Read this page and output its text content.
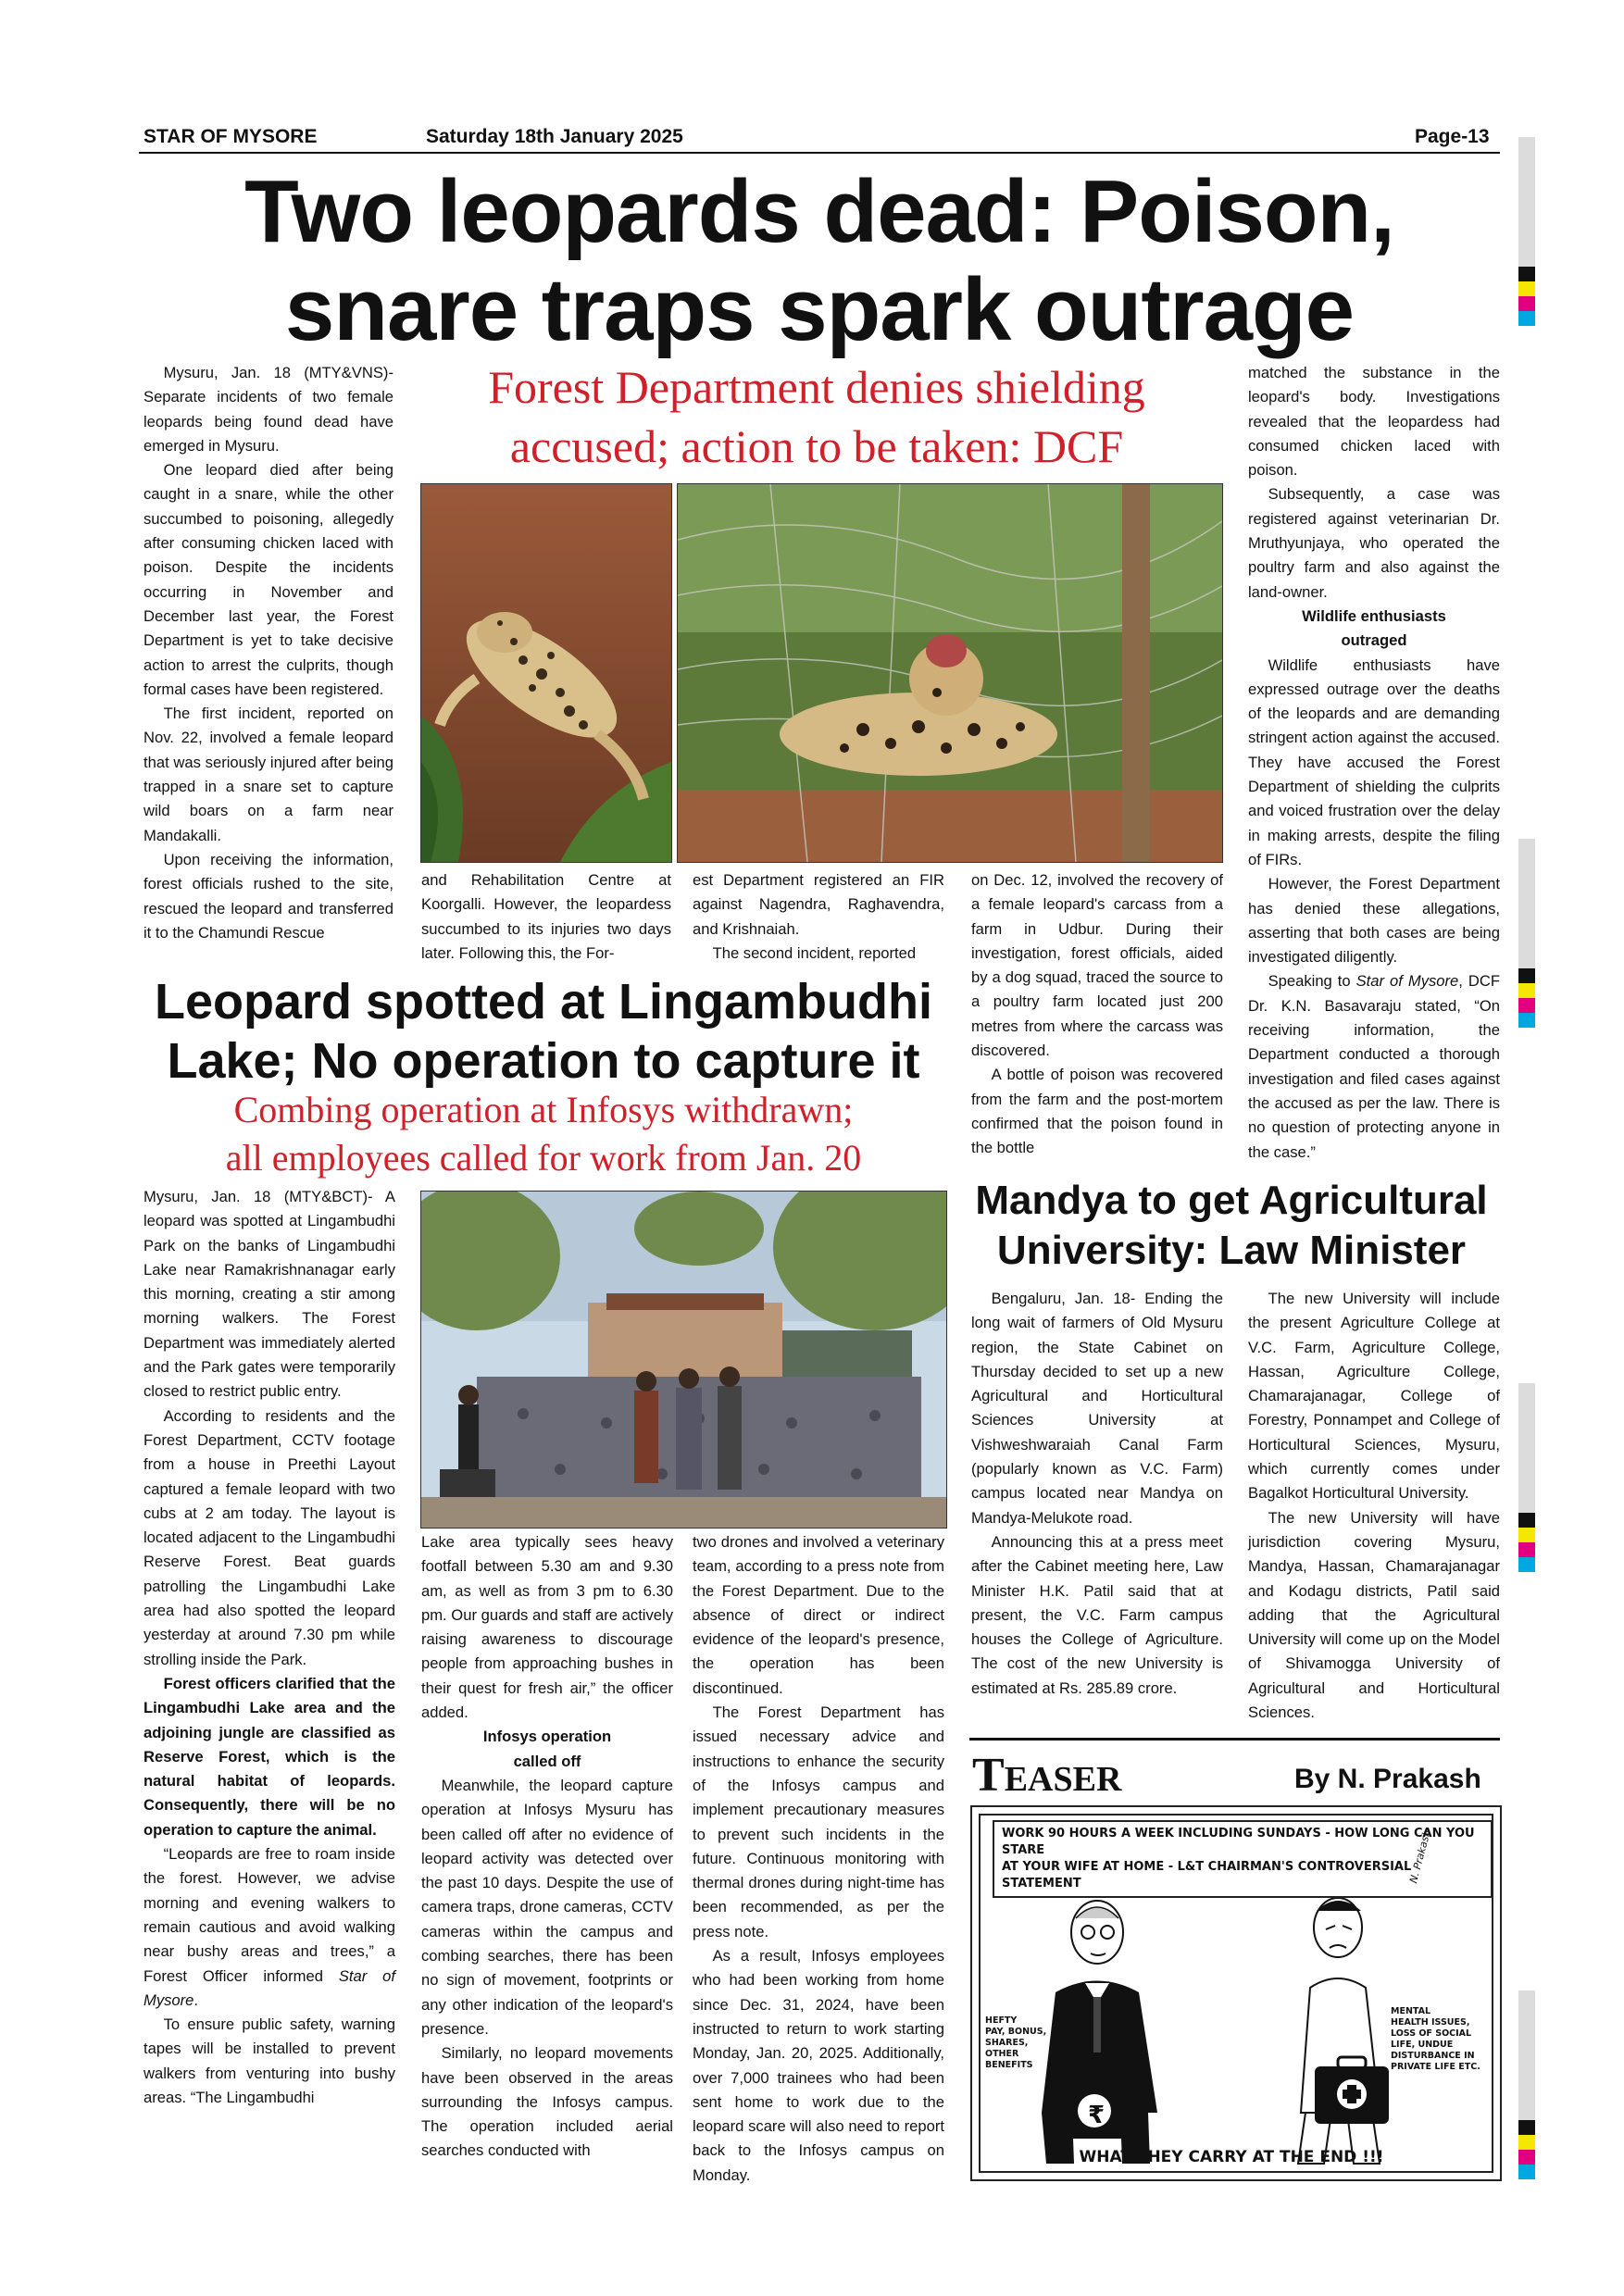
STAR OF MYSORE	Saturday 18th January 2025	Page-13
Two leopards dead: Poison,
snare traps spark outrage
Forest Department denies shielding
accused; action to be taken: DCF

Mysuru, Jan. 18 (MTY&VNS)- Separate incidents of two female leopards being found dead have emerged in Mysuru.

One leopard died after being caught in a snare, while the other succumbed to poisoning, allegedly after consuming chicken laced with poison. Despite the incidents occurring in November and December last year, the Forest Department is yet to take decisive action to arrest the culprits, though formal cases have been registered.

The first incident, reported on Nov. 22, involved a female leopard that was seriously injured after being trapped in a snare set to capture wild boars on a farm near Mandakalli.

Upon receiving the information, forest officials rushed to the site, rescued the leopard and transferred it to the Chamundi Rescue

and Rehabilitation Centre at Koorgalli. However, the leopardess succumbed to its injuries two days later. Following this, the For-

est Department registered an FIR against Nagendra, Raghavendra, and Krishnaiah.

The second incident, reported

on Dec. 12, involved the recovery of a female leopard's carcass from a farm in Udbur. During their investigation, forest officials, aided by a dog squad, traced the source to a poultry farm located just 200 metres from where the carcass was discovered.

A bottle of poison was recovered from the farm and the post-mortem confirmed that the poison found in the bottle

matched the substance in the leopard's body. Investigations revealed that the leopardess had consumed chicken laced with poison.

Subsequently, a case was registered against veterinarian Dr. Mruthyunjaya, who operated the poultry farm and also against the land-owner.

Wildlife enthusiasts
outraged

Wildlife enthusiasts have expressed outrage over the deaths of the leopards and are demanding stringent action against the accused. They have accused the Forest Department of shielding the culprits and voiced frustration over the delay in making arrests, despite the filing of FIRs.

However, the Forest Department has denied these allegations, asserting that both cases are being investigated diligently.

Speaking to Star of Mysore, DCF Dr. K.N. Basavaraju stated, “On receiving information, the Department conducted a thorough investigation and filed cases against the accused as per the law. There is no question of protecting anyone in the case.”

Leopard spotted at Lingambudhi
Lake; No operation to capture it
Combing operation at Infosys withdrawn;
all employees called for work from Jan. 20

Mysuru, Jan. 18 (MTY&BCT)- A leopard was spotted at Lingambudhi Park on the banks of Lingambudhi Lake near Ramakrishnanagar early this morning, creating a stir among morning walkers. The Forest Department was immediately alerted and the Park gates were temporarily closed to restrict public entry.

According to residents and the Forest Department, CCTV footage from a house in Preethi Layout captured a female leopard with two cubs at 2 am today. The layout is located adjacent to the Lingambudhi Reserve Forest. Beat guards patrolling the Lingambudhi Lake area had also spotted the leopard yesterday at around 7.30 pm while strolling inside the Park.

Forest officers clarified that the Lingambudhi Lake area and the adjoining jungle are classified as Reserve Forest, which is the natural habitat of leopards. Consequently, there will be no operation to capture the animal.

“Leopards are free to roam inside the forest. However, we advise morning and evening walkers to remain cautious and avoid walking near bushy areas and trees,” a Forest Officer informed Star of Mysore.

To ensure public safety, warning tapes will be installed to prevent walkers from venturing into bushy areas. “The Lingambudhi

Lake area typically sees heavy footfall between 5.30 am and 9.30 am, as well as from 3 pm to 6.30 pm. Our guards and staff are actively raising awareness to discourage people from approaching bushes in their quest for fresh air,” the officer added.

Infosys operation
called off

Meanwhile, the leopard capture operation at Infosys Mysuru has been called off after no evidence of leopard activity was detected over the past 10 days. Despite the use of camera traps, drone cameras, CCTV cameras within the campus and combing searches, there has been no sign of movement, footprints or any other indication of the leopard's presence.

Similarly, no leopard movements have been observed in the areas surrounding the Infosys campus. The operation included aerial searches conducted with

two drones and involved a veterinary team, according to a press note from the Forest Department. Due to the absence of direct or indirect evidence of the leopard's presence, the operation has been discontinued.

The Forest Department has issued necessary advice and instructions to enhance the security of the Infosys campus and implement precautionary measures to prevent such incidents in the future. Continuous monitoring with thermal drones during night-time has been recommended, as per the press note.

As a result, Infosys employees who had been working from home since Dec. 31, 2024, have been instructed to return to work starting Monday, Jan. 20, 2025. Additionally, over 7,000 trainees who had been sent home to work due to the leopard scare will also need to report back to the Infosys campus on Monday.

Mandya to get Agricultural
University: Law Minister

Bengaluru, Jan. 18- Ending the long wait of farmers of Old Mysuru region, the State Cabinet on Thursday decided to set up a new Agricultural and Horticultural Sciences University at Vishweshwaraiah Canal Farm (popularly known as V.C. Farm) campus located near Mandya on Mandya-Melukote road.

Announcing this at a press meet after the Cabinet meeting here, Law Minister H.K. Patil said that at present, the V.C. Farm campus houses the College of Agriculture. The cost of the new University is estimated at Rs. 285.89 crore.

The new University will include the present Agriculture College at V.C. Farm, Agriculture College, Hassan, Agriculture College, Chamarajanagar, College of Forestry, Ponnampet and College of Horticultural Sciences, Mysuru, which currently comes under Bagalkot Horticultural University.

The new University will have jurisdiction covering Mysuru, Mandya, Hassan, Chamarajanagar and Kodagu districts, Patil said adding that the Agricultural University will come up on the Model of Shivamogga University of Agricultural and Horticultural Sciences.

TEASER	By N. Prakash
WORK 90 HOURS A WEEK INCLUDING SUNDAYS - HOW LONG CAN YOU STARE
AT YOUR WIFE AT HOME - L&T CHAIRMAN'S CONTROVERSIAL STATEMENT
₹
HEFTY
PAY, BONUS,
SHARES,
OTHER
BENEFITS
MENTAL
HEALTH ISSUES,
LOSS OF SOCIAL
LIFE, UNDUE
DISTURBANCE IN
PRIVATE LIFE ETC.
N. Prakash
WHAT THEY CARRY AT THE END !!!
